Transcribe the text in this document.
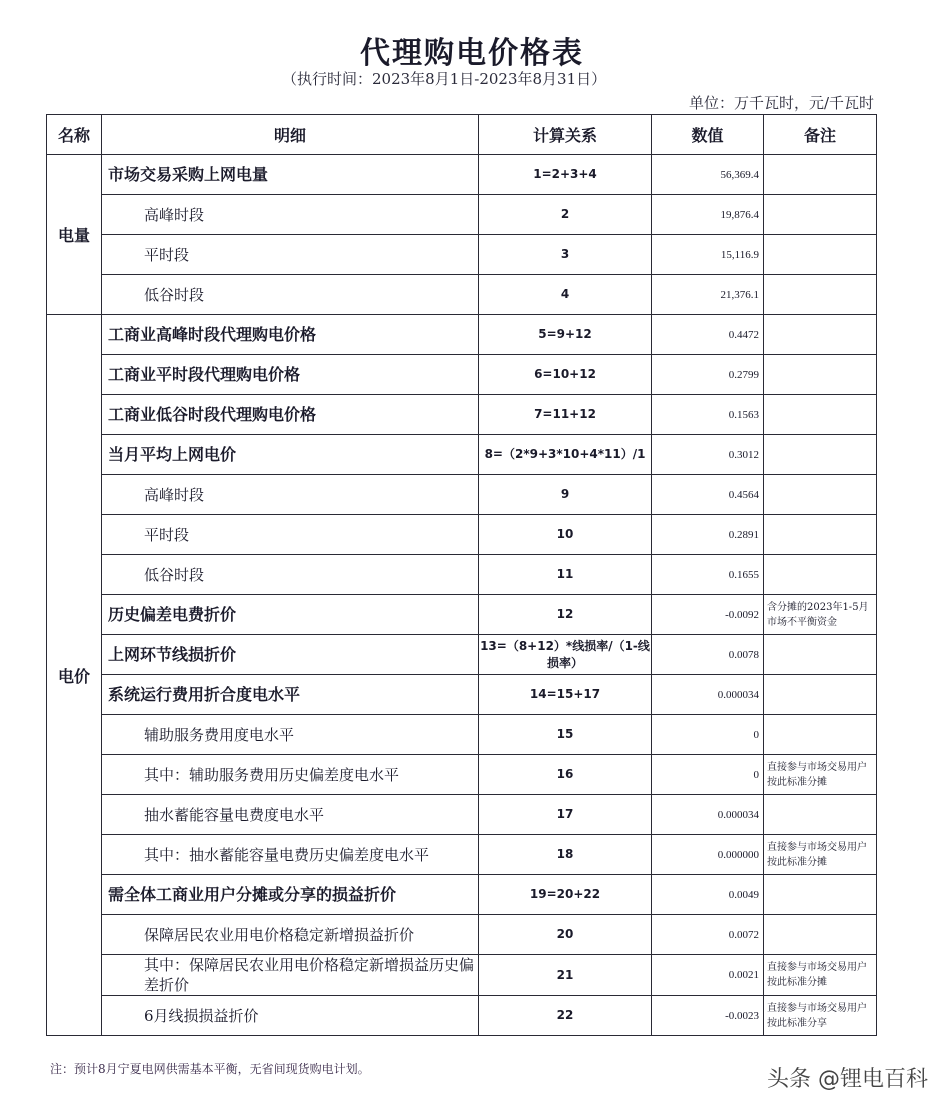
代理购电价格表
（执行时间：2023年8月1日-2023年8月31日）
单位：万千瓦时，元/千瓦时
名称	明细	计算关系	数值	备注
电量	市场交易采购上网电量	1=2+3+4	56,369.4	
	高峰时段	2	19,876.4	
	平时段	3	15,116.9	
	低谷时段	4	21,376.1	
电价	工商业高峰时段代理购电价格	5=9+12	0.4472	
	工商业平时段代理购电价格	6=10+12	0.2799	
	工商业低谷时段代理购电价格	7=11+12	0.1563	
	当月平均上网电价	8=（2*9+3*10+4*11）/1	0.3012	
	高峰时段	9	0.4564	
	平时段	10	0.2891	
	低谷时段	11	0.1655	
	历史偏差电费折价	12	-0.0092	含分摊的2023年1-5月市场不平衡资金
	上网环节线损折价	13=（8+12）*线损率/（1-线损率）	0.0078	
	系统运行费用折合度电水平	14=15+17	0.000034	
	辅助服务费用度电水平	15	0	
	其中：辅助服务费用历史偏差度电水平	16	0	直接参与市场交易用户按此标准分摊
	抽水蓄能容量电费度电水平	17	0.000034	
	其中：抽水蓄能容量电费历史偏差度电水平	18	0.000000	直接参与市场交易用户按此标准分摊
	需全体工商业用户分摊或分享的损益折价	19=20+22	0.0049	
	保障居民农业用电价格稳定新增损益折价	20	0.0072	
	其中：保障居民农业用电价格稳定新增损益历史偏差折价	21	0.0021	直接参与市场交易用户按此标准分摊
	6月线损损益折价	22	-0.0023	直接参与市场交易用户按此标准分享
注：预计8月宁夏电网供需基本平衡，无省间现货购电计划。	头条 @锂电百科
